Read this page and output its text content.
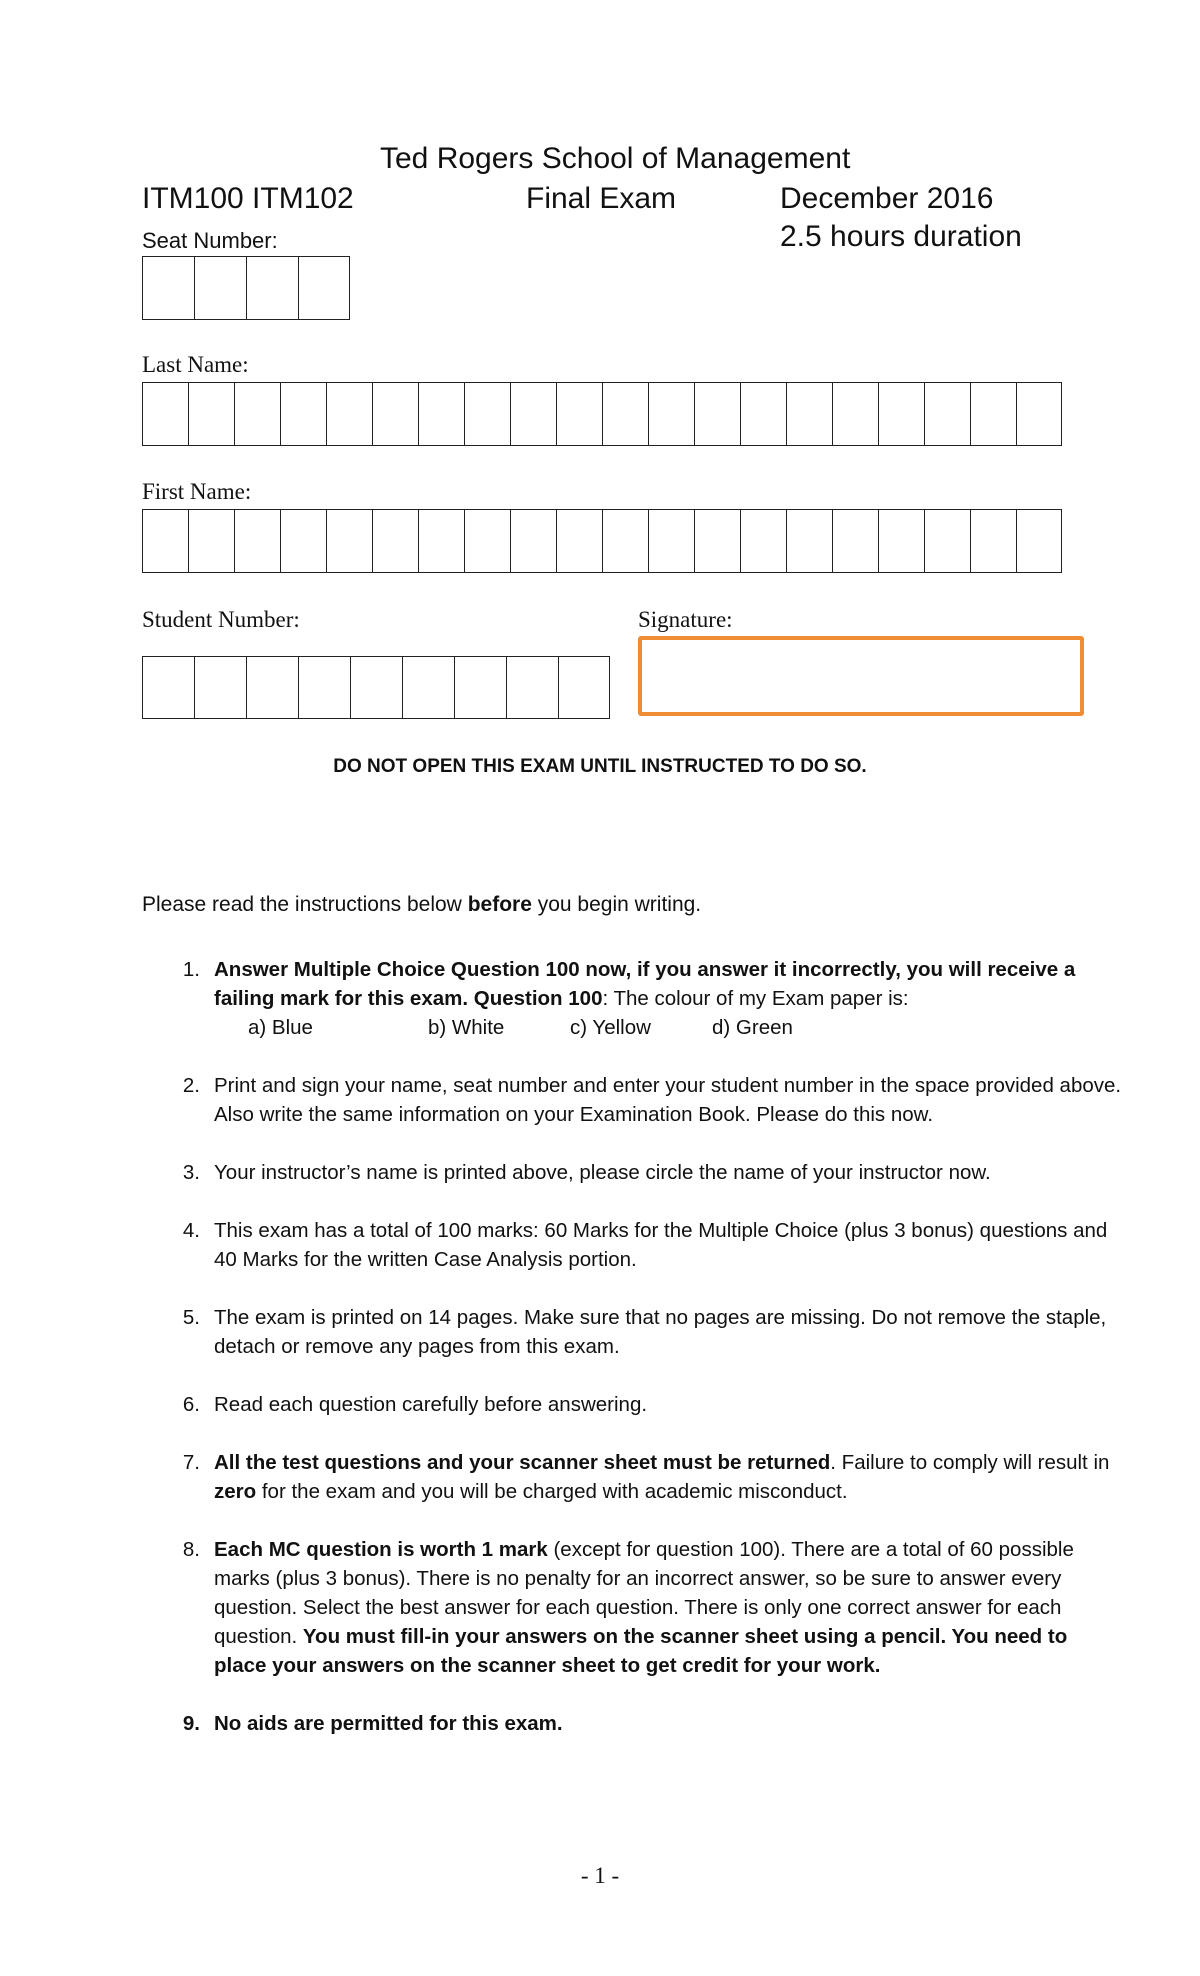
Ted Rogers School of Management
ITM100 ITM102	Final Exam	December 2016
2.5 hours duration
Seat Number:
Last Name:
First Name:
Student Number:	Signature:
DO NOT OPEN THIS EXAM UNTIL INSTRUCTED TO DO SO.
Please read the instructions below before you begin writing.
1. Answer Multiple Choice Question 100 now, if you answer it incorrectly, you will receive a failing mark for this exam. Question 100: The colour of my Exam paper is:
a) Blue	b) White	c) Yellow	d) Green
2. Print and sign your name, seat number and enter your student number in the space provided above. Also write the same information on your Examination Book. Please do this now.
3. Your instructor’s name is printed above, please circle the name of your instructor now.
4. This exam has a total of 100 marks: 60 Marks for the Multiple Choice (plus 3 bonus) questions and 40 Marks for the written Case Analysis portion.
5. The exam is printed on 14 pages. Make sure that no pages are missing. Do not remove the staple, detach or remove any pages from this exam.
6. Read each question carefully before answering.
7. All the test questions and your scanner sheet must be returned. Failure to comply will result in zero for the exam and you will be charged with academic misconduct.
8. Each MC question is worth 1 mark (except for question 100). There are a total of 60 possible marks (plus 3 bonus). There is no penalty for an incorrect answer, so be sure to answer every question. Select the best answer for each question. There is only one correct answer for each question. You must fill-in your answers on the scanner sheet using a pencil. You need to place your answers on the scanner sheet to get credit for your work.
9. No aids are permitted for this exam.
- 1 -
